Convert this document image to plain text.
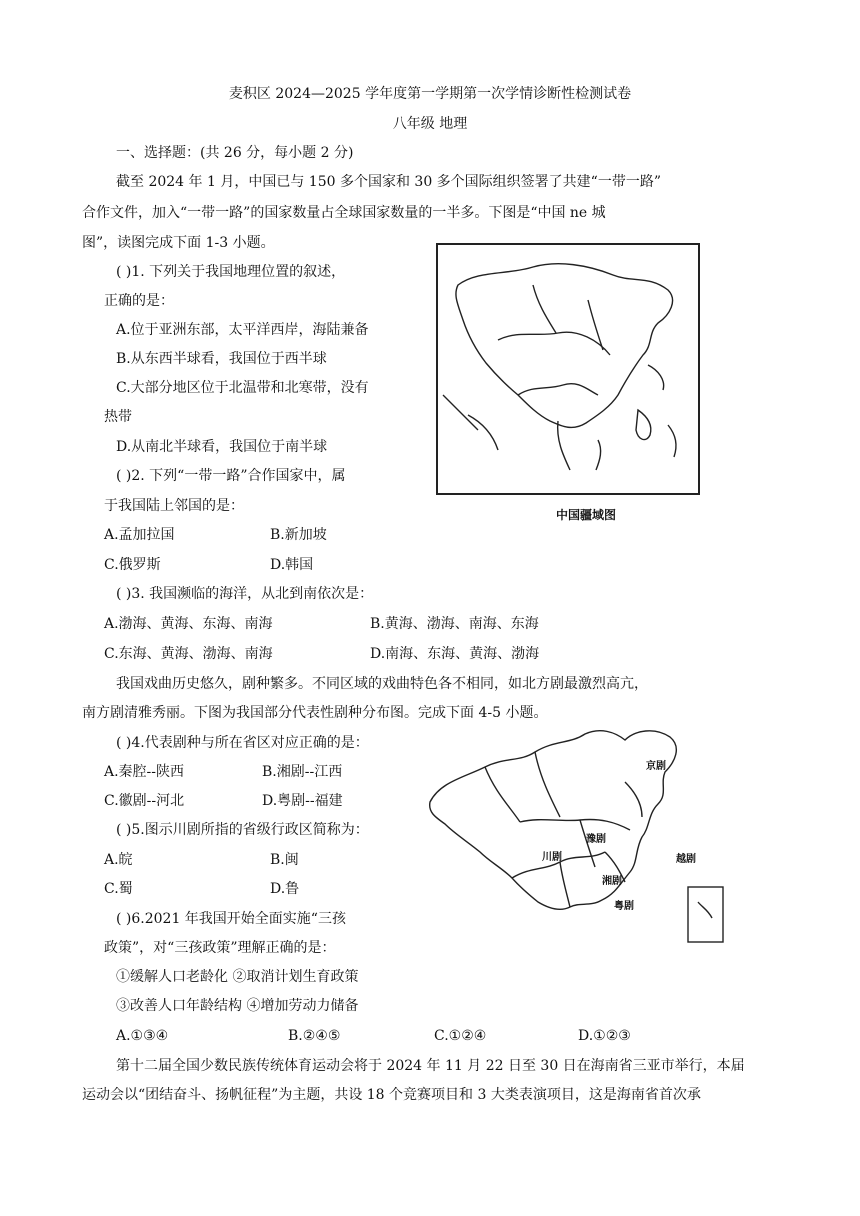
麦积区 2024—2025 学年度第一学期第一次学情诊断性检测试卷
八年级 地理
一、选择题：(共 26 分，每小题 2 分)
截至 2024 年 1 月，中国已与 150 多个国家和 30 多个国际组织签署了共建“一带一路”
合作文件，加入“一带一路”的国家数量占全球国家数量的一半多。下图是“中国 ne 城
图”，读图完成下面 1-3 小题。
中国疆域图
( )1. 下列关于我国地理位置的叙述，
正确的是：
A.位于亚洲东部，太平洋西岸，海陆兼备
B.从东西半球看，我国位于西半球
C.大部分地区位于北温带和北寒带，没有
热带
D.从南北半球看，我国位于南半球
( )2. 下列“一带一路”合作国家中，属
于我国陆上邻国的是：
A.孟加拉国	B.新加坡
C.俄罗斯	D.韩国
( )3. 我国濒临的海洋，从北到南依次是：
A.渤海、黄海、东海、南海	B.黄海、渤海、南海、东海
C.东海、黄海、渤海、南海	D.南海、东海、黄海、渤海
我国戏曲历史悠久，剧种繁多。不同区域的戏曲特色各不相同，如北方剧最激烈高亢，
南方剧清雅秀丽。下图为我国部分代表性剧种分布图。完成下面 4-5 小题。
京剧
川剧
豫剧
越剧
湘剧
粤剧
( )4.代表剧种与所在省区对应正确的是：
A.秦腔--陕西	B.湘剧--江西
C.徽剧--河北	D.粤剧--福建
( )5.图示川剧所指的省级行政区简称为：
A.皖	B.闽
C.蜀	D.鲁
( )6.2021 年我国开始全面实施“三孩
政策”，对“三孩政策”理解正确的是：
①缓解人口老龄化 ②取消计划生育政策
③改善人口年龄结构 ④增加劳动力储备
A.①③④	B.②④⑤	C.①②④	D.①②③
第十二届全国少数民族传统体育运动会将于 2024 年 11 月 22 日至 30 日在海南省三亚市举行，本届
运动会以“团结奋斗、扬帆征程”为主题，共设 18 个竞赛项目和 3 大类表演项目，这是海南省首次承
